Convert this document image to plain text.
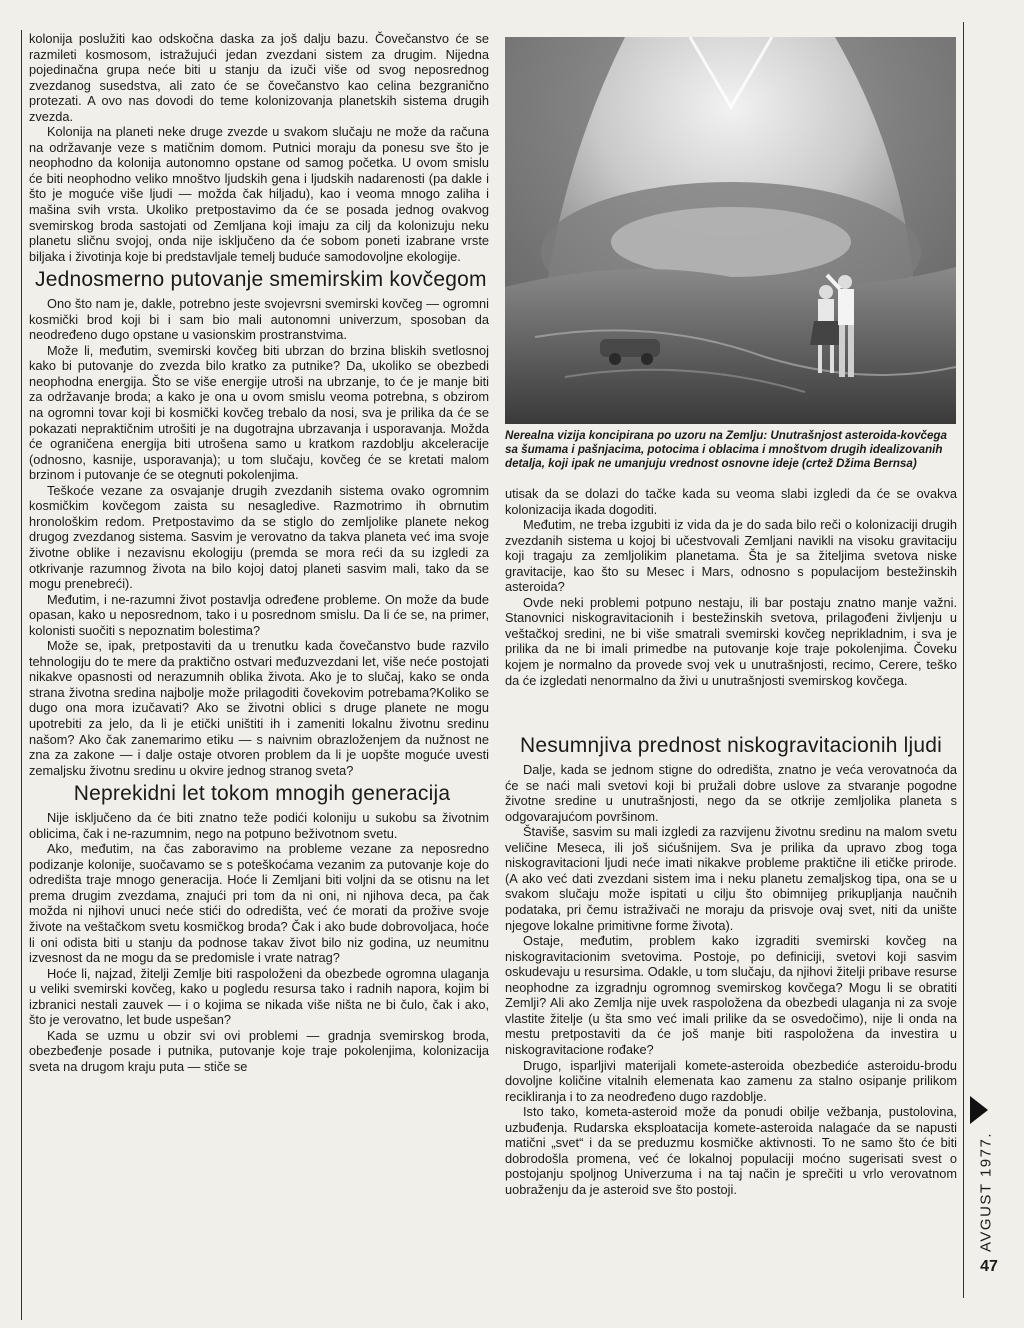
kolonija poslužiti kao odskočna daska za još dalju bazu. Čovečanstvo će se razmileti kosmosom, istražujući jedan zvezdani sistem za drugim. Nijedna pojedinačna grupa neće biti u stanju da izuči više od svog neposrednog zvezdanog susedstva, ali zato će se čovečanstvo kao celina bezgranično protezati. A ovo nas dovodi do teme kolonizovanja planetskih sistema drugih zvezda.

Kolonija na planeti neke druge zvezde u svakom slučaju ne može da računa na održavanje veze s matičnim domom. Putnici moraju da ponesu sve što je neophodno da kolonija autonomno opstane od samog početka. U ovom smislu će biti neophodno veliko mnoštvo ljudskih gena i ljudskih nadarenosti (pa dakle i što je moguće više ljudi — možda čak hiljadu), kao i veoma mnogo zaliha i mašina svih vrsta. Ukoliko pretpostavimo da će se posada jednog ovakvog svemirskog broda sastojati od Zemljana koji imaju za cilj da kolonizuju neku planetu sličnu svojoj, onda nije isključeno da će sobom poneti izabrane vrste biljaka i životinja koje bi predstavljale temelj buduće samodovoljne ekologije.

Jednosmerno putovanje smemirskim kovčegom

Ono što nam je, dakle, potrebno jeste svojevrsni svemirski kovčeg — ogromni kosmički brod koji bi i sam bio mali autonomni univerzum, sposoban da neodređeno dugo opstane u vasionskim prostranstvima.

Može li, međutim, svemirski kovčeg biti ubrzan do brzina bliskih svetlosnoj kako bi putovanje do zvezda bilo kratko za putnike? Da, ukoliko se obezbedi neophodna energija. Što se više energije utroši na ubrzanje, to će je manje biti za održavanje broda; a kako je ona u ovom smislu veoma potrebna, s obzirom na ogromni tovar koji bi kosmički kovčeg trebalo da nosi, sva je prilika da će se pokazati nepraktičnim utrošiti je na dugotrajna ubrzavanja i usporavanja. Možda će ograničena energija biti utrošena samo u kratkom razdoblju akceleracije (odnosno, kasnije, usporavanja); u tom slučaju, kovčeg će se kretati malom brzinom i putovanje će se otegnuti pokolenjima.

Teškoće vezane za osvajanje drugih zvezdanih sistema ovako ogromnim kosmičkim kovčegom zaista su nesagledive. Razmotrimo ih obrnutim hronološkim redom. Pretpostavimo da se stiglo do zemljolike planete nekog drugog zvezdanog sistema. Sasvim je verovatno da takva planeta već ima svoje životne oblike i nezavisnu ekologiju (premda se mora reći da su izgledi za otkrivanje razumnog života na bilo kojoj datoj planeti sasvim mali, tako da se mogu prenebreći).

Međutim, i ne-razumni život postavlja određene probleme. On može da bude opasan, kako u neposrednom, tako i u posrednom smislu. Da li će se, na primer, kolonisti suočiti s nepoznatim bolestima?

Može se, ipak, pretpostaviti da u trenutku kada čovečanstvo bude razvilo tehnologiju do te mere da praktično ostvari međuzvezdani let, više neće postojati nikakve opasnosti od nerazumnih oblika života. Ako je to slučaj, kako se onda strana životna sredina najbolje može prilagoditi čovekovim potrebama?Koliko se dugo ona mora izučavati? Ako se životni oblici s druge planete ne mogu upotrebiti za jelo, da li je etički uništiti ih i zameniti lokalnu životnu sredinu našom? Ako čak zanemarimo etiku — s naivnim obrazloženjem da nužnost ne zna za zakone — i dalje ostaje otvoren problem da li je uopšte moguće uvesti zemaljsku životnu sredinu u okvire jednog stranog sveta?

Neprekidni let tokom mnogih generacija

Nije isključeno da će biti znatno teže podići koloniju u sukobu sa životnim oblicima, čak i ne-razumnim, nego na potpuno beživotnom svetu.

Ako, međutim, na čas zaboravimo na probleme vezane za neposredno podizanje kolonije, suočavamo se s poteškoćama vezanim za putovanje koje do odredišta traje mnogo generacija. Hoće li Zemljani biti voljni da se otisnu na let prema drugim zvezdama, znajući pri tom da ni oni, ni njihova deca, pa čak možda ni njihovi unuci neće stići do odredišta, već će morati da prožive svoje živote na veštačkom svetu kosmičkog broda? Čak i ako bude dobrovoljaca, hoće li oni odista biti u stanju da podnose takav život bilo niz godina, uz neumitnu izvesnost da ne mogu da se predomisle i vrate natrag?

Hoće li, najzad, žitelji Zemlje biti raspoloženi da obezbede ogromna ulaganja u veliki svemirski kovčeg, kako u pogledu resursa tako i radnih napora, kojim bi izbranici nestali zauvek — i o kojima se nikada više ništa ne bi čulo, čak i ako, što je verovatno, let bude uspešan?

Kada se uzmu u obzir svi ovi problemi — gradnja svemirskog broda, obezbeđenje posade i putnika, putovanje koje traje pokolenjima, kolonizacija sveta na drugom kraju puta — stiče se

Nerealna vizija koncipirana po uzoru na Zemlju: Unutrašnjost asteroida-kovčega sa šumama i pašnjacima, potocima i oblacima i mnoštvom drugih idealizovanih detalja, koji ipak ne umanjuju vrednost osnovne ideje (crtež Džima Bernsa)

utisak da se dolazi do tačke kada su veoma slabi izgledi da će se ovakva kolonizacija ikada dogoditi.

Međutim, ne treba izgubiti iz vida da je do sada bilo reči o kolonizaciji drugih zvezdanih sistema u kojoj bi učestvovali Zemljani navikli na visoku gravitaciju koji tragaju za zemljolikim planetama. Šta je sa žiteljima svetova niske gravitacije, kao što su Mesec i Mars, odnosno s populacijom bestežinskih asteroida?

Ovde neki problemi potpuno nestaju, ili bar postaju znatno manje važni. Stanovnici niskogravitacionih i bestežinskih svetova, prilagođeni življenju u veštačkoj sredini, ne bi više smatrali svemirski kovčeg neprikladnim, i sva je prilika da ne bi imali primedbe na putovanje koje traje pokolenjima. Čoveku kojem je normalno da provede svoj vek u unutrašnjosti, recimo, Cerere, teško da će izgledati nenormalno da živi u unutrašnjosti svemirskog kovčega.

Nesumnjiva prednost niskogravitacionih ljudi

Dalje, kada se jednom stigne do odredišta, znatno je veća verovatnoća da će se naći mali svetovi koji bi pružali dobre uslove za stvaranje pogodne životne sredine u unutrašnjosti, nego da se otkrije zemljolika planeta s odgovarajućom površinom.

Štaviše, sasvim su mali izgledi za razvijenu životnu sredinu na malom svetu veličine Meseca, ili još sićušnijem. Sva je prilika da upravo zbog toga niskogravitacioni ljudi neće imati nikakve probleme praktične ili etičke prirode. (A ako već dati zvezdani sistem ima i neku planetu zemaljskog tipa, ona se u svakom slučaju može ispitati u cilju što obimnijeg prikupljanja naučnih podataka, pri čemu istraživači ne moraju da prisvoje ovaj svet, niti da unište njegove lokalne primitivne forme života).

Ostaje, međutim, problem kako izgraditi svemirski kovčeg na niskogravitacionim svetovima. Postoje, po definiciji, svetovi koji sasvim oskudevaju u resursima. Odakle, u tom slučaju, da njihovi žitelji pribave resurse neophodne za izgradnju ogromnog svemirskog kovčega? Mogu li se obratiti Zemlji? Ali ako Zemlja nije uvek raspoložena da obezbedi ulaganja ni za svoje vlastite žitelje (u šta smo već imali prilike da se osvedočimo), nije li onda na mestu pretpostaviti da će još manje biti raspoložena da investira u niskogravitacione rođake?

Drugo, isparljivi materijali komete-asteroida obezbediće asteroidu-brodu dovoljne količine vitalnih elemenata kao zamenu za stalno osipanje prilikom recikliranja i to za neodređeno dugo razdoblje.

Isto tako, kometa-asteroid može da ponudi obilje vežbanja, pustolovina, uzbuđenja. Rudarska eksploatacija komete-asteroida nalagaće da se napusti matični „svet“ i da se preduzmu kosmičke aktivnosti. To ne samo što će biti dobrodošla promena, već će lokalnoj populaciji moćno sugerisati svest o postojanju spoljnog Univerzuma i na taj način je sprečiti u vrlo verovatnom uobraženju da je asteroid sve što postoji.	AVGUST 1977.
47
